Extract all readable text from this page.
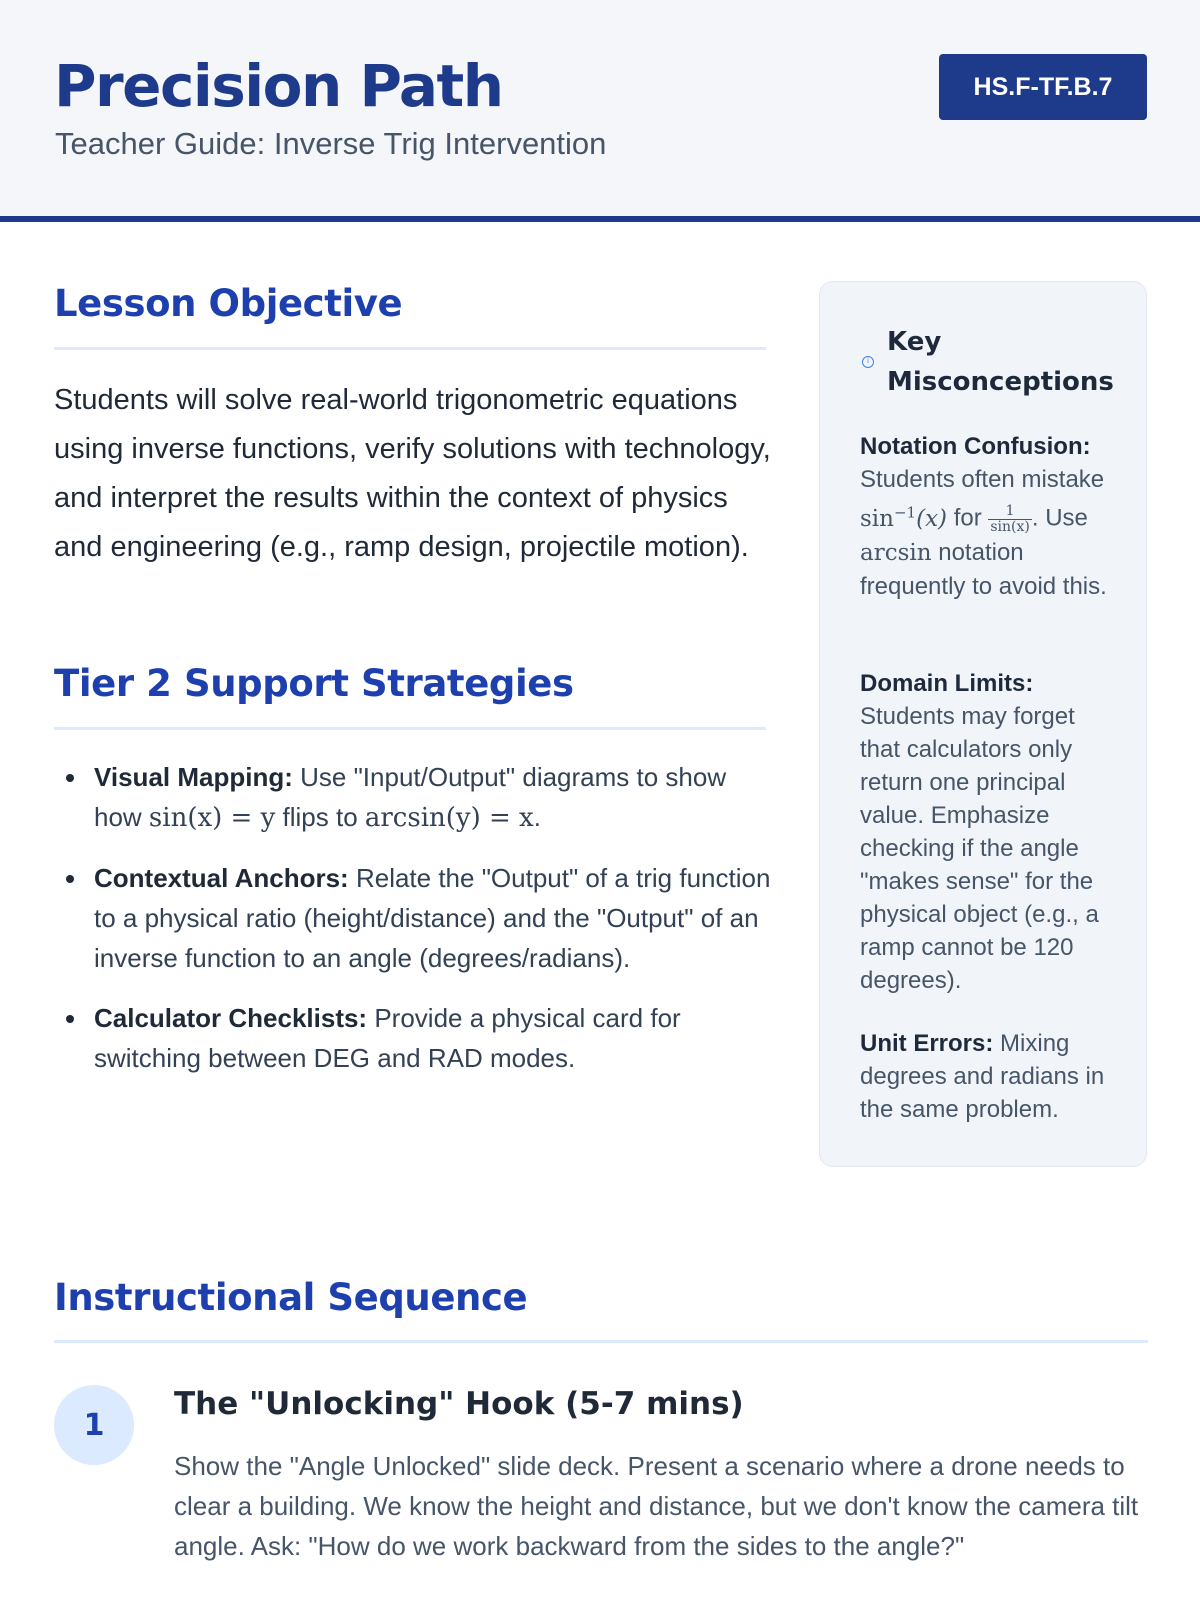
Precision Path
Teacher Guide: Inverse Trig Intervention
HS.F-TF.B.7
Lesson Objective

Students will solve real-world trigonometric equations using inverse functions, verify solutions with technology, and interpret the results within the context of physics and engineering (e.g., ramp design, projectile motion).

Tier 2 Support Strategies
Visual Mapping: Use "Input/Output" diagrams to show how sin(x) = y flips to arcsin(y) = x.
Contextual Anchors: Relate the "Output" of a trig function to a physical ratio (height/distance) and the "Output" of an inverse function to an angle (degrees/radians).
Calculator Checklists: Provide a physical card for switching between DEG and RAD modes.
i
Key Misconceptions
Notation Confusion: Students often mistake $\sin^{-1}(x)$ for $\frac{1}{\sin(x)}$ . Use arcsin notation frequently to avoid this.
Domain Limits:
Students may forget that calculators only return one principal value. Emphasize checking if the angle "makes sense" for the physical object (e.g., a ramp cannot be 120 degrees).
Unit Errors: Mixing degrees and radians in the same problem.
Instructional Sequence
1
The "Unlocking" Hook (5-7 mins)

Show the "Angle Unlocked" slide deck. Present a scenario where a drone needs to clear a building. We know the height and distance, but we don't know the camera tilt angle. Ask: "How do we work backward from the sides to the angle?"
